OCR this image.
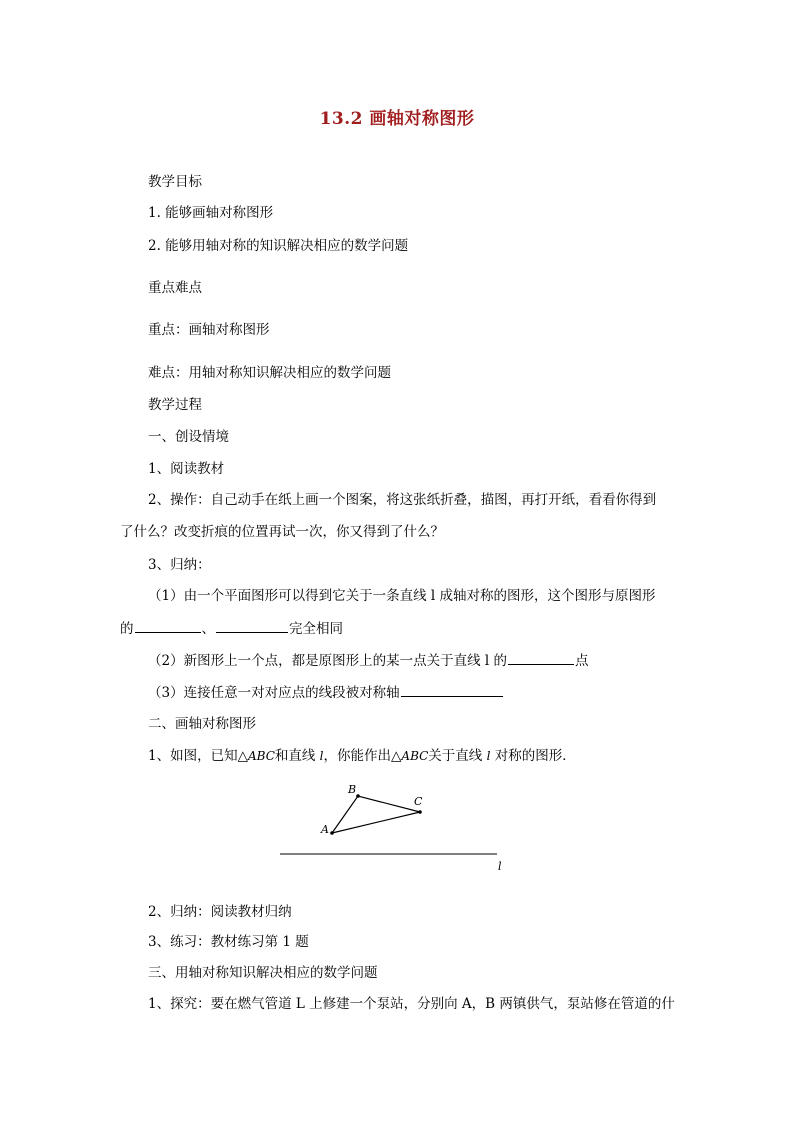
13.2 画轴对称图形
教学目标
1. 能够画轴对称图形
2. 能够用轴对称的知识解决相应的数学问题
重点难点
重点：画轴对称图形
难点：用轴对称知识解决相应的数学问题
教学过程
一、创设情境
1、阅读教材
2、操作：自己动手在纸上画一个图案，将这张纸折叠，描图，再打开纸，看看你得到
了什么？改变折痕的位置再试一次，你又得到了什么？
3、归纳：
（1）由一个平面图形可以得到它关于一条直线 l 成轴对称的图形，这个图形与原图形
的	、	完全相同
（2）新图形上一个点，都是原图形上的某一点关于直线 l 的	点
（3）连接任意一对对应点的线段被对称轴
二、画轴对称图形
1、如图，已知△ABC和直线 l，你能作出△ABC关于直线 l 对称的图形．
A
B
C
l
2、归纳：阅读教材归纳
3、练习：教材练习第 1 题
三、用轴对称知识解决相应的数学问题
1、探究：要在燃气管道 L 上修建一个泵站，分别向 A，B 两镇供气，泵站修在管道的什
